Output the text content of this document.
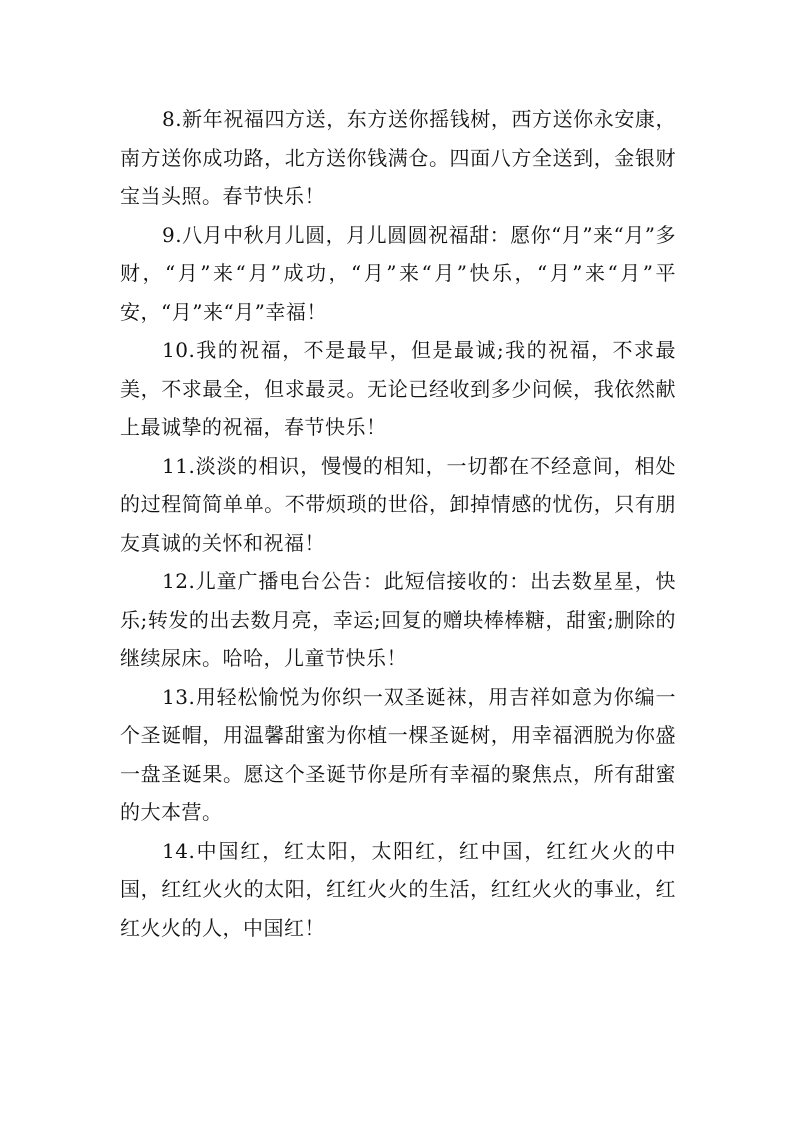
8.新年祝福四方送，东方送你摇钱树，西方送你永安康，南方送你成功路，北方送你钱满仓。四面八方全送到，金银财宝当头照。春节快乐！

9.八月中秋月儿圆，月儿圆圆祝福甜：愿你“月”来“月”多财，“月”来“月”成功，“月”来“月”快乐，“月”来“月”平安，“月”来“月”幸福！

10.我的祝福，不是最早，但是最诚;我的祝福，不求最美，不求最全，但求最灵。无论已经收到多少问候，我依然献上最诚挚的祝福，春节快乐！

11.淡淡的相识，慢慢的相知，一切都在不经意间，相处的过程简简单单。不带烦琐的世俗，卸掉情感的忧伤，只有朋友真诚的关怀和祝福！

12.儿童广播电台公告：此短信接收的：出去数星星，快乐;转发的出去数月亮，幸运;回复的赠块棒棒糖，甜蜜;删除的继续尿床。哈哈，儿童节快乐！

13.用轻松愉悦为你织一双圣诞袜，用吉祥如意为你编一个圣诞帽，用温馨甜蜜为你植一棵圣诞树，用幸福洒脱为你盛一盘圣诞果。愿这个圣诞节你是所有幸福的聚焦点，所有甜蜜的大本营。

14.中国红，红太阳，太阳红，红中国，红红火火的中国，红红火火的太阳，红红火火的生活，红红火火的事业，红红火火的人，中国红！
